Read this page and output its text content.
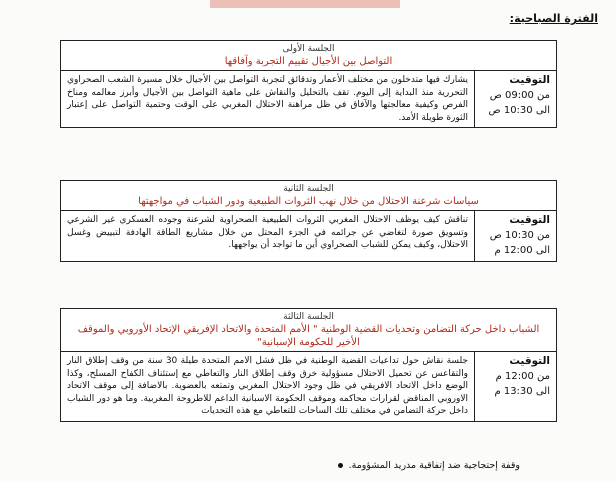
الفترة الصباحية:
الجلسة الأولى
التواصل بين الأجيال تقييم التجربة وآفاقها
التوقيت
من 09:00 ص
الى 10:30 ص
يشارك فيها متدخلون من مختلف الأعمار وتدقائق لتجربة التواصل بين الأجيال خلال مسيرة الشعب الصحراوي التحررية منذ البداية إلى اليوم. تقف بالتحليل والنقاش على ماهية التواصل بين الأجيال وأبرز معالمه ومناخ الفرص وكيفية معالجتها والآفاق في ظل مراهنة الاحتلال المغربي على الوقت وحتمية التواصل على إعتبار الثورة طويلة الأمد.
الجلسة الثانية
سياسات شرعنة الاحتلال من خلال نهب الثروات الطبيعية ودور الشباب في مواجهتها
التوقيت
من 10:30 ص
الى 12:00 م
تناقش كيف يوظف الاحتلال المغربي الثروات الطبيعية الصحراوية لشرعنة وجوده العسكري غير الشرعي وتسويق صورة لتغاضي عن جرائمه في الجزء المحتل من خلال مشاريع الطاقة الهادفة لتبييض وغسل الاحتلال، وكيف يمكن للشباب الصحراوي أين ما تواجد أن يواجهها.
الجلسة الثالثة
الشباب داخل حركة التضامن وتحديات القضية الوطنية " الأمم المتحدة والاتحاد الإفريقي الإتحاد الأوروبي والموقف الأخير للحكومة الإسبانية"
التوقيت
من 12:00 م
الى 13:30 م
جلسة نقاش حول تداعيات القضية الوطنية في ظل فشل الامم المتحدة طيلة 30 سنة من وقف إطلاق النار والتقاعس عن تحميل الاحتلال مسؤولية خرق وقف إطلاق النار والتعاطي مع إستئناف الكفاح المسلح، وكذا الوضع داخل الاتحاد الافريقي في ظل وجود الاحتلال المغربي وتمتعه بالعضوية. بالاضافة إلى موقف الاتحاد الاوروبي المناقض لقرارات محاكمه وموقف الحكومة الاسبانية الداعم للاطروحة المغربية. وما هو دور الشباب داخل حركة التضامن في مختلف تلك الساحات للتعاطي مع هذه التحديات
وقفة إحتجاجية ضد إتفاقية مدريد المشؤومة.
